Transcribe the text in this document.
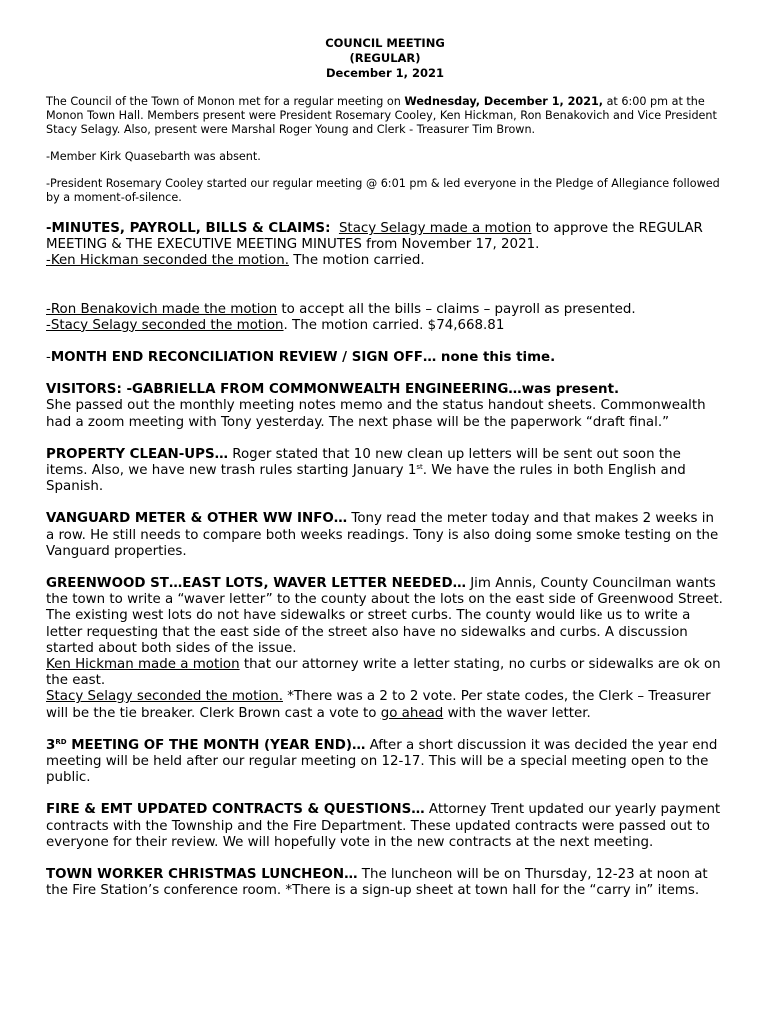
COUNCIL MEETING
(REGULAR)
December 1, 2021

The Council of the Town of Monon met for a regular meeting on Wednesday, December 1, 2021, at 6:00 pm at the Monon Town Hall. Members present were President Rosemary Cooley, Ken Hickman, Ron Benakovich and Vice President Stacy Selagy. Also, present were Marshal Roger Young and Clerk - Treasurer Tim Brown.

-Member Kirk Quasebarth was absent.

-President Rosemary Cooley started our regular meeting @ 6:01 pm & led everyone in the Pledge of Allegiance followed by a moment-of-silence.

-MINUTES, PAYROLL, BILLS & CLAIMS: Stacy Selagy made a motion to approve the REGULAR MEETING & THE EXECUTIVE MEETING MINUTES from November 17, 2021.
-Ken Hickman seconded the motion. The motion carried.

-Ron Benakovich made the motion to accept all the bills – claims – payroll as presented.
-Stacy Selagy seconded the motion. The motion carried. $74,668.81

-MONTH END RECONCILIATION REVIEW / SIGN OFF… none this time.

VISITORS: -GABRIELLA FROM COMMONWEALTH ENGINEERING…was present.
She passed out the monthly meeting notes memo and the status handout sheets. Commonwealth had a zoom meeting with Tony yesterday. The next phase will be the paperwork “draft final.”

PROPERTY CLEAN-UPS… Roger stated that 10 new clean up letters will be sent out soon the items. Also, we have new trash rules starting January 1st. We have the rules in both English and Spanish.

VANGUARD METER & OTHER WW INFO… Tony read the meter today and that makes 2 weeks in a row. He still needs to compare both weeks readings. Tony is also doing some smoke testing on the Vanguard properties.

GREENWOOD ST…EAST LOTS, WAVER LETTER NEEDED… Jim Annis, County Councilman wants the town to write a “waver letter” to the county about the lots on the east side of Greenwood Street. The existing west lots do not have sidewalks or street curbs. The county would like us to write a letter requesting that the east side of the street also have no sidewalks and curbs. A discussion started about both sides of the issue.
Ken Hickman made a motion that our attorney write a letter stating, no curbs or sidewalks are ok on the east.
Stacy Selagy seconded the motion. *There was a 2 to 2 vote. Per state codes, the Clerk – Treasurer will be the tie breaker. Clerk Brown cast a vote to go ahead with the waver letter.

3RD MEETING OF THE MONTH (YEAR END)… After a short discussion it was decided the year end meeting will be held after our regular meeting on 12-17. This will be a special meeting open to the public.

FIRE & EMT UPDATED CONTRACTS & QUESTIONS… Attorney Trent updated our yearly payment contracts with the Township and the Fire Department. These updated contracts were passed out to everyone for their review. We will hopefully vote in the new contracts at the next meeting.

TOWN WORKER CHRISTMAS LUNCHEON… The luncheon will be on Thursday, 12-23 at noon at the Fire Station’s conference room. *There is a sign-up sheet at town hall for the “carry in” items.
